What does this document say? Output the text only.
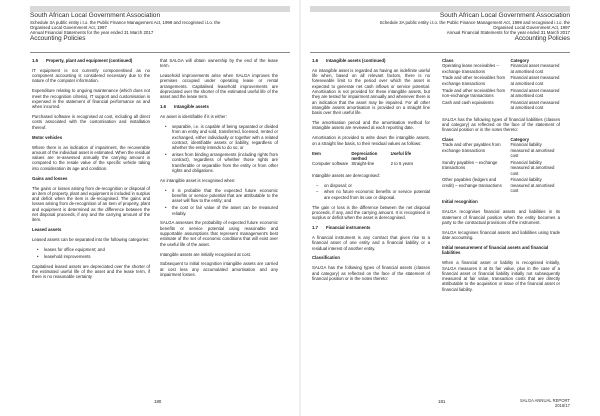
South African Local Government Association
Schedule 3A public entity i.t.o. the Public Finance Management Act, 1999 and recognised i.t.o. the
Organised Local Government Act, 1997
Annual Financial Statements for the year ended 31 March 2017
Accounting Policies
1.5 Property, plant and equipment (continued)

IT equipment is not currently componentised as no component accounting is considered necessary due to the nature of the computer information.

Expenditure relating to ongoing maintenance (which does not meet the recognition criteria), IT support and customisation is expensed in the statement of financial performance as and when incurred.

Purchased software is recognised at cost, including all direct costs associated with the customisation and installation thereof.

Motor vehicles

Where there is an indication of impairment, the recoverable amount of the individual asset is estimated. When the residual values are re-assessed annually the carrying amount is compared to the resale value of the specific vehicle taking into consideration its age and condition.

Gains and losses

The gains or losses arising from de-recognition or disposal of an item of property, plant and equipment is included in surplus and deficit when the item is de-recognised. The gains and losses arising from de-recognition of an item of property, plant and equipment is determined as the difference between the net disposal proceeds, if any and the carrying amount of the item.

Leased assets

Leased assets can be separated into the following categories:

• leases for office equipment; and
• leasehold improvements

Capitalised leased assets are depreciated over the shorter of the estimated useful life of the asset and the lease term, if there is no reasonable certainty

that SALGA will obtain ownership by the end of the lease term.

Leasehold improvements arise when SALGA improves the premises occupied under operating lease or rental arrangements. Capitalised leasehold improvements are depreciated over the shorter of the estimated useful life of the asset and the lease term.

1.6 Intangible assets

An asset is identifiable if it is either:

• separable, i.e. is capable of being separated or divided from an entity and sold, transferred, licensed, rented or exchanged, either individually or together with a related contract, identifiable assets or liability, regardless of whether the entity intends to do so; or
• arises from binding arrangements (including rights from contract), regardless of whether those rights are transferable or separable from the entity or from other rights and obligations.

An intangible asset is recognised when:

• it is probable that the expected future economic benefits or service potential that are attributable to the asset will flow to the entity; and
• the cost or fair value of the asset can be measured reliably.

SALGA assesses the probability of expected future economic benefits or service potential using reasonable and supportable assumptions that represent management's best estimate of the set of economic conditions that will exist over the useful life of the asset.

Intangible assets are initially recognised at cost.

Subsequent to initial recognition intangible assets are carried at cost less any accumulated amortisation and any impairment losses.

180
South African Local Government Association
Schedule 3A public entity i.t.o. the Public Finance Management Act, 1999 and recognised i.t.o. the
Organised Local Government Act, 1997
Annual Financial Statements for the year ended 31 March 2017
Accounting Policies
1.6 Intangible assets (continued)

An intangible asset is regarded as having an indefinite useful life when, based on all relevant factors, there is no foreseeable limit to the period over which the asset is expected to generate net cash inflows or service potential. Amortisation is not provided for these intangible assets, but they are tested for impairment annually and whenever there is an indication that the asset may be impaired. For all other intangible assets amortisation is provided on a straight line basis over their useful life.

The amortisation period and the amortisation method for intangible assets are reviewed at each reporting date.

Amortisation is provided to write down the intangible assets, on a straight line basis, to their residual values as follows:

Item	Depreciation method	Useful life
Computer software	Straight-line	2 to 5 years

Intangible assets are derecognised:

– on disposal; or
– when no future economic benefits or service potential are expected from its use or disposal.

The gain or loss is the difference between the net disposal proceeds, if any, and the carrying amount. It is recognised in surplus or deficit when the asset is derecognised.

1.7 Financial instruments

A financial instrument is any contract that gives rise to a financial asset of one entity and a financial liability or a residual interest of another entity.

Classification

SALGA has the following types of financial assets (classes and category) as reflected on the face of the statement of financial position or in the notes thereto:

Class	Category
Operating lease receivables – exchange transactions	Financial asset measured at amortised cost
Trade and other receivables from exchange transactions	Financial asset measured at amortised cost
Trade and other receivables from non-exchange transactions	Financial asset measured at amortised cost
Cash and cash equivalents	Financial asset measured at amortised cost

SALGA has the following types of financial liabilities (classes and category) as reflected on the face of the statement of financial position or in the notes thereto:

Class	Category
Trade and other payables from exchange transactions	Financial liability measured at amortised cost
Sundry payables – exchange transactions	Financial liability measured at amortised cost
Other payables (ledgers and credit) – exchange transactions	Financial liability measured at amortised cost
Initial recognition

SALGA recognises financial assets and liabilities in its statement of financial position when the entity becomes a party to the contractual provisions of the instrument.

SALGA recognises financial assets and liabilities using trade date accounting.

Initial measurement of financial assets and financial liabilities

When a financial asset or liability is recognised initially, SALGA measures it at its fair value, plus in the case of a financial asset or financial liability initially not subsequently measured at fair value, transaction costs that are directly attributable to the acquisition or issue of the financial asset or financial liability.

181	SALGA ANNUAL REPORT
2016/17
